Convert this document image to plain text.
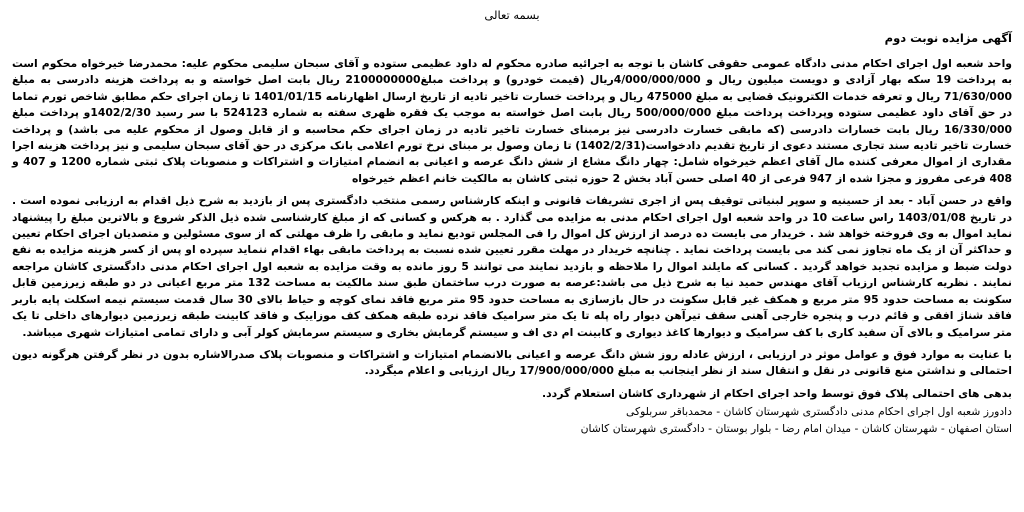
بسمه تعالی
آگهی مزایده نوبت دوم

واحد شعبه اول اجرای احکام مدنی دادگاه عمومی حقوقی کاشان با توجه به اجرائیه صادره محکوم له داود عظیمی ستوده و آقای سبحان سلیمی محکوم علیه: محمدرضا خیرخواه محکوم است به پرداخت 19 سکه بهار آزادی و دویست میلیون ریال و 4/000/000/000ریال (قیمت خودرو) و پرداخت مبلغ2100000000 ریال بابت اصل خواسته و به پرداخت هزینه دادرسی به مبلغ 71/630/000 ریال و تعرفه خدمات الکترونیک قضایی به مبلغ 475000 ریال و پرداخت خسارت تاخیر تادیه از تاریخ ارسال اظهارنامه 1401/01/15 تا زمان اجرای حکم مطابق شاخص تورم تماما در حق آقای داود عظیمی ستوده وپرداخت پرداخت مبلغ 500/000/000 ریال بابت اصل خواسته به موجب یک فقره ظهری سفته به شماره 524123 با سر رسید 1402/2/30و پرداخت مبلغ 16/330/000 ریال بابت خسارات دادرسی (که مابقی خسارت دادرسی نیز برمبنای خسارت تاخیر تادیه در زمان اجرای حکم محاسبه و از قابل وصول از محکوم علیه می باشد) و پرداخت خسارت تاخیر تادیه سند تجاری مستند دعوی از تاریخ تقدیم دادخواست(1402/2/31) تا زمان وصول بر مبنای نرخ تورم اعلامی بانک مرکزی در حق آقای سبحان سلیمی و نیز پرداخت هزینه اجرا مقداری از اموال معرفی کننده مال آقای اعظم خیرخواه شامل: چهار دانگ مشاع از شش دانگ عرصه و اعیانی به انضمام امتیازات و اشتراکات و منصوبات پلاک ثبتی شماره 1200 و 407 و 408 فرعی مفروز و مجزا شده از 947 فرعی از 40 اصلی حسن آباد بخش 2 حوزه ثبتی کاشان به مالکیت خانم اعظم خیرخواه

واقع در حسن آباد - بعد از حسینیه و سوپر لبنیاتی توقیف پس از اجری تشریفات قانونی و اینکه کارشناس رسمی منتخب دادگستری پس از بازدید به شرح ذیل اقدام به ارزیابی نموده است . در تاریخ 1403/01/08 راس ساعت 10 در واحد شعبه اول اجرای احکام مدنی به مزایده می گذارد . به هرکس و کسانی که از مبلغ کارشناسی شده ذیل الذکر شروع و بالاترین مبلغ را پیشنهاد نماید اموال به وی فروخته خواهد شد . خریدار می بایست ده درصد از ارزش کل اموال را فی المجلس تودیع نماید و مابقی را ظرف مهلتی که از سوی مسئولین و متصدیان اجرای احکام تعیین و حداکثر آن از یک ماه تجاوز نمی کند می بایست پرداخت نماید . چنانچه خریدار در مهلت مقرر تعیین شده نسبت به پرداخت مابقی بهاء اقدام ننماید سپرده او پس از کسر هزینه مزایده به نفع دولت ضبط و مزایده تجدید خواهد گردید . کسانی که مایلند اموال را ملاحظه و بازدید نمایند می توانند 5 روز مانده به وقت مزایده به شعبه اول اجرای احکام مدنی دادگستری کاشان مراجعه نمایند . نظریه کارشناس ارزیاب آقای مهندس حمید نیا به شرح ذیل می باشد:عرصه به صورت درب ساختمان طبق سند مالکیت به مساحت 132 متر مربع اعیانی در دو طبقه زیرزمین قابل سکونت به مساحت حدود 95 متر مربع و همکف غیر قابل سکونت در حال بازسازی به مساحت حدود 95 متر مربع فاقد نمای کوچه و حیاط بالای 30 سال قدمت سیستم نیمه اسکلت پایه باربر فاقد شناژ افقی و قائم درب و پنجره خارجی آهنی سقف تیرآهن دیوار راه پله تا یک متر سرامیک فاقد نرده طبقه همکف کف موزاییک و فاقد کابینت طبقه زیرزمین دیوارهای داخلی تا یک متر سرامیک و بالای آن سفید کاری با کف سرامیک و دیوارها کاغذ دیواری و کابینت ام دی اف و سیستم گرمایش بخاری و سیستم سرمایش کولر آبی و دارای تمامی امتیازات شهری میباشد.

با عنایت به موارد فوق و عوامل موثر در ارزیابی ، ارزش عادله روز شش دانگ عرصه و اعیانی بالانضمام امتیازات و اشتراکات و منصوبات پلاک صدرالاشاره بدون در نظر گرفتن هرگونه دیون احتمالی و نداشتن منع قانونی در نقل و انتقال سند از نظر اینجانب به مبلغ 17/900/000/000 ریال ارزیابی و اعلام میگردد.

بدهی های احتمالی پلاک فوق توسط واحد اجرای احکام از شهرداری کاشان استعلام گردد.
دادورز شعبه اول اجرای احکام مدنی دادگستری شهرستان کاشان - محمدباقر سربلوکی
استان اصفهان - شهرستان کاشان - میدان امام رضا - بلوار بوستان - دادگستری شهرستان کاشان
